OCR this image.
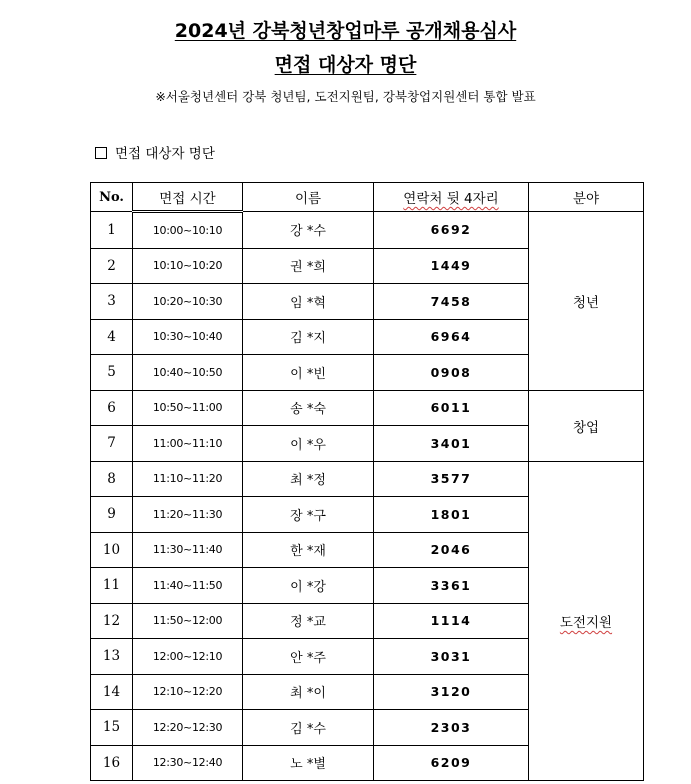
2024년 강북청년창업마루 공개채용심사
면접 대상자 명단
※서울청년센터 강북 청년팀, 도전지원팀, 강북창업지원센터 통합 발표
면접 대상자 명단
No.	면접 시간	이름	연락처 뒷 4자리	분야
1	10:00~10:10	강 *수	6692	청년
2	10:10~10:20	권 *희	1449	
3	10:20~10:30	임 *혁	7458	
4	10:30~10:40	김 *지	6964	
5	10:40~10:50	이 *빈	0908	
6	10:50~11:00	송 *숙	6011	창업
7	11:00~11:10	이 *우	3401	
8	11:10~11:20	최 *정	3577	도전지원
9	11:20~11:30	장 *구	1801	
10	11:30~11:40	한 *재	2046	
11	11:40~11:50	이 *강	3361	
12	11:50~12:00	정 *교	1114	
13	12:00~12:10	안 *주	3031	
14	12:10~12:20	최 *이	3120	
15	12:20~12:30	김 *수	2303	
16	12:30~12:40	노 *별	6209	
